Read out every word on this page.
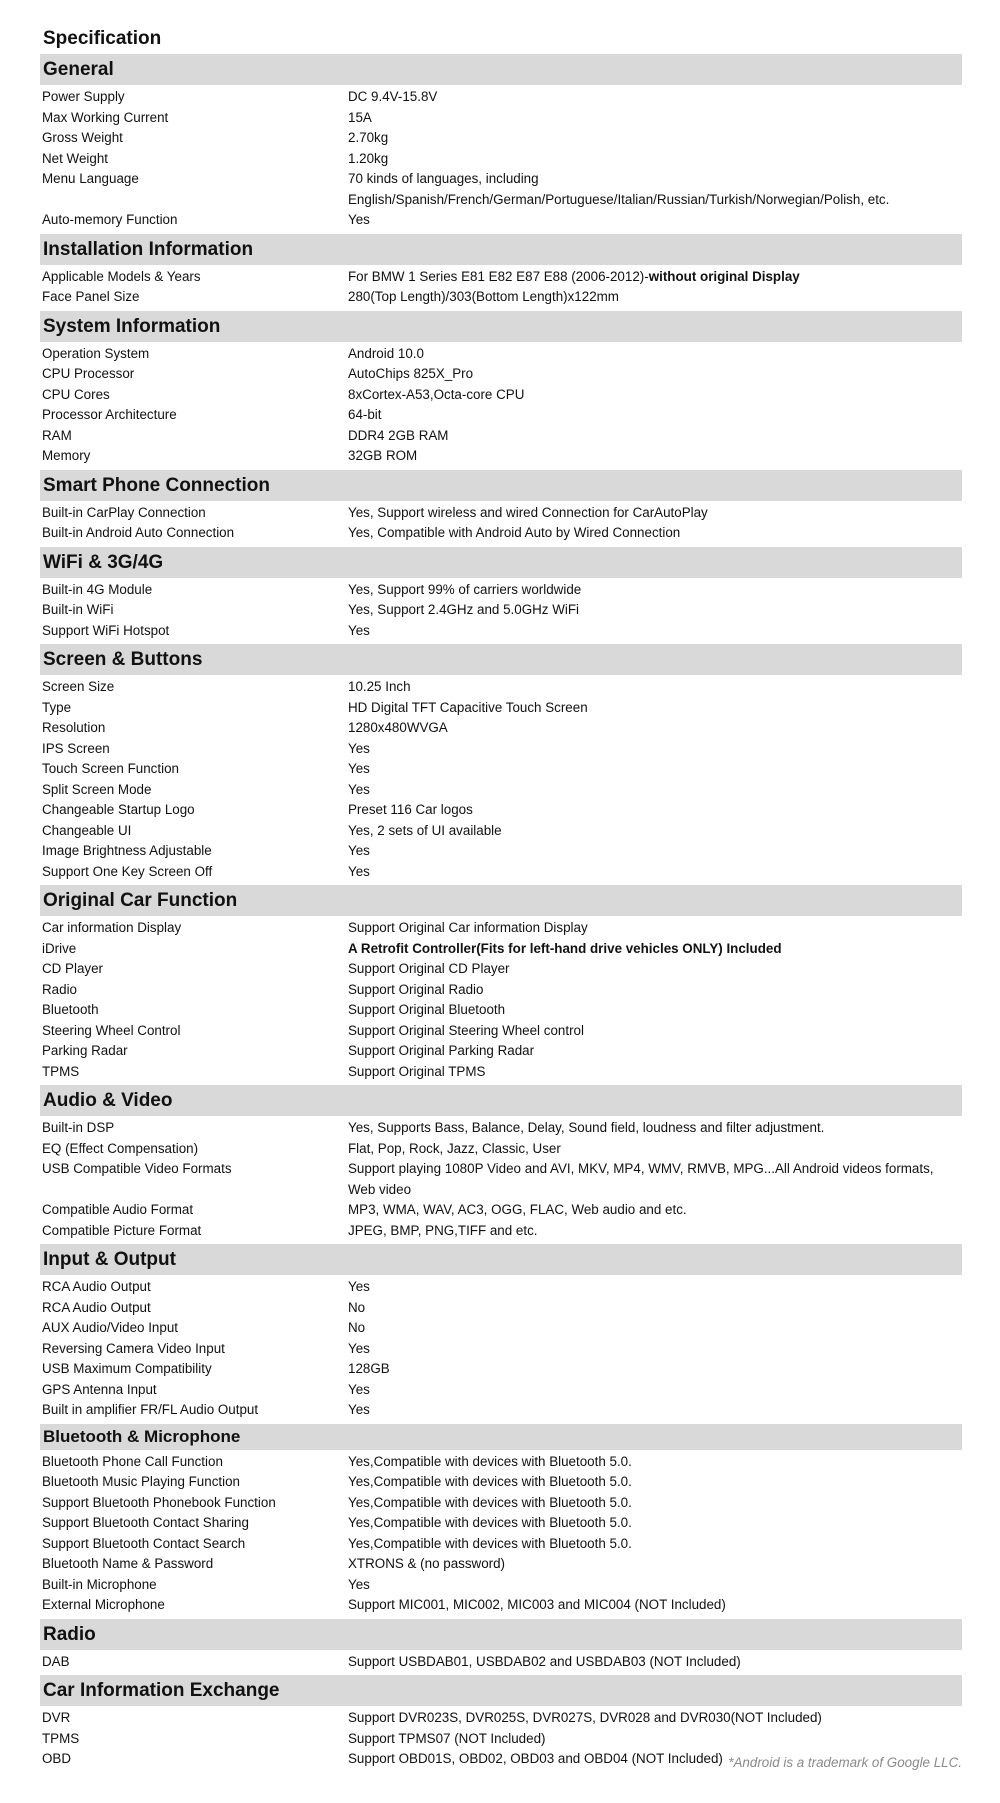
Specification
General
Power Supply	DC 9.4V-15.8V
Max Working Current	15A
Gross Weight	2.70kg
Net Weight	1.20kg
Menu Language	70 kinds of languages, including
English/Spanish/French/German/Portuguese/Italian/Russian/Turkish/Norwegian/Polish, etc.
Auto-memory Function	Yes
Installation Information
Applicable Models & Years	For BMW 1 Series E81 E82 E87 E88 (2006-2012)-without original Display
Face Panel Size	280(Top Length)/303(Bottom Length)x122mm
System Information
Operation System	Android 10.0
CPU Processor	AutoChips 825X_Pro
CPU Cores	8xCortex-A53,Octa-core CPU
Processor Architecture	64-bit
RAM	DDR4 2GB RAM
Memory	32GB ROM
Smart Phone Connection
Built-in CarPlay Connection	Yes, Support wireless and wired Connection for CarAutoPlay
Built-in Android Auto Connection	Yes, Compatible with Android Auto by Wired Connection
WiFi & 3G/4G
Built-in 4G Module	Yes, Support 99% of carriers worldwide
Built-in WiFi	Yes, Support 2.4GHz and 5.0GHz WiFi
Support WiFi Hotspot	Yes
Screen & Buttons
Screen Size	10.25 Inch
Type	HD Digital TFT Capacitive Touch Screen
Resolution	1280x480WVGA
IPS Screen	Yes
Touch Screen Function	Yes
Split Screen Mode	Yes
Changeable Startup Logo	Preset 116 Car logos
Changeable UI	Yes, 2 sets of UI available
Image Brightness Adjustable	Yes
Support One Key Screen Off	Yes
Original Car Function
Car information Display	Support Original Car information Display
iDrive	A Retrofit Controller(Fits for left-hand drive vehicles ONLY) Included
CD Player	Support Original CD Player
Radio	Support Original Radio
Bluetooth	Support Original Bluetooth
Steering Wheel Control	Support Original Steering Wheel control
Parking Radar	Support Original Parking Radar
TPMS	Support Original TPMS
Audio & Video
Built-in DSP	Yes, Supports Bass, Balance, Delay, Sound field, loudness and filter adjustment.
EQ (Effect Compensation)	Flat, Pop, Rock, Jazz, Classic, User
USB Compatible Video Formats	Support playing 1080P Video and AVI, MKV, MP4, WMV, RMVB, MPG...All Android videos formats,
Web video
Compatible Audio Format	MP3, WMA, WAV, AC3, OGG, FLAC, Web audio and etc.
Compatible Picture Format	JPEG, BMP, PNG,TIFF and etc.
Input & Output
RCA Audio Output	Yes
RCA Audio Output	No
AUX Audio/Video Input	No
Reversing Camera Video Input	Yes
USB Maximum Compatibility	128GB
GPS Antenna Input	Yes
Built in amplifier FR/FL Audio Output	Yes
Bluetooth & Microphone
Bluetooth Phone Call Function	Yes,Compatible with devices with Bluetooth 5.0.
Bluetooth Music Playing Function	Yes,Compatible with devices with Bluetooth 5.0.
Support Bluetooth Phonebook Function	Yes,Compatible with devices with Bluetooth 5.0.
Support Bluetooth Contact Sharing	Yes,Compatible with devices with Bluetooth 5.0.
Support Bluetooth Contact Search	Yes,Compatible with devices with Bluetooth 5.0.
Bluetooth Name & Password	XTRONS & (no password)
Built-in Microphone	Yes
External Microphone	Support MIC001, MIC002, MIC003 and MIC004 (NOT Included)
Radio
DAB	Support USBDAB01, USBDAB02 and USBDAB03 (NOT Included)
Car Information Exchange
DVR	Support DVR023S, DVR025S, DVR027S, DVR028 and DVR030(NOT Included)
TPMS	Support TPMS07 (NOT Included)
OBD	Support OBD01S, OBD02, OBD03 and OBD04 (NOT Included) *Android is a trademark of Google LLC.
